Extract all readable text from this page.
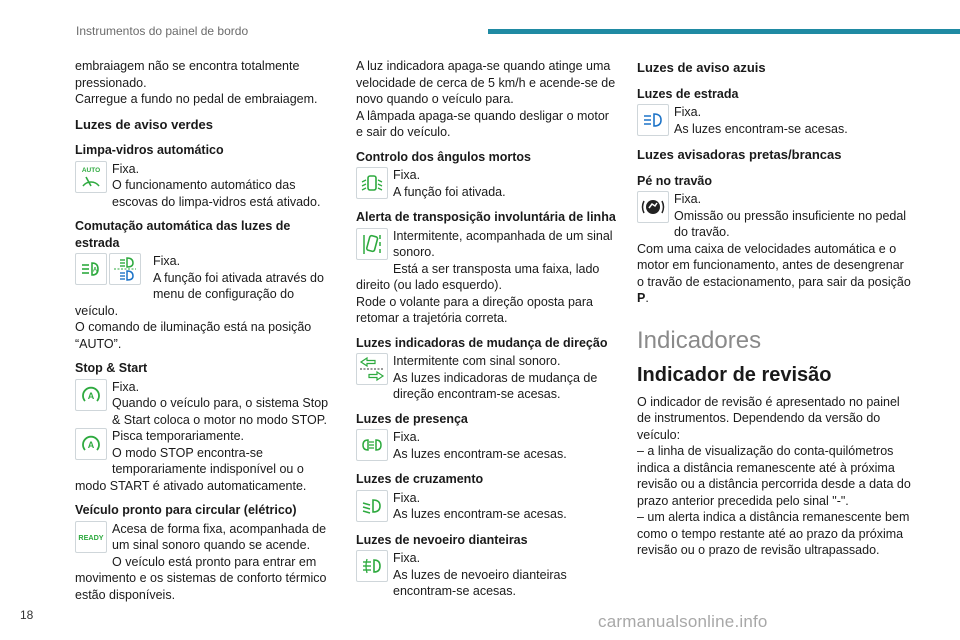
Instrumentos do painel de bordo

embraiagem não se encontra totalmente pressionado.

Carregue a fundo no pedal de embraiagem.

Luzes de aviso verdes
Limpa-vidros automático
AUTO Fixa.

O funcionamento automático das escovas do limpa-vidros está ativado.

Comutação automática das luzes de estrada
A

Fixa.

A função foi ativada através do menu de configuração do veículo.

O comando de iluminação está na posição “AUTO”.

Stop & Start
A

Fixa.

Quando o veículo para, o sistema Stop & Start coloca o motor no modo STOP.

A

Pisca temporariamente.

O modo STOP encontra-se temporariamente indisponível ou o modo START é ativado automaticamente.

Veículo pronto para circular (elétrico)
READY

Acesa de forma fixa, acompanhada de um sinal sonoro quando se acende.

O veículo está pronto para entrar em movimento e os sistemas de conforto térmico estão disponíveis.

A luz indicadora apaga-se quando atinge uma velocidade de cerca de 5 km/h e acende-se de novo quando o veículo para.

A lâmpada apaga-se quando desligar o motor e sair do veículo.

Controlo dos ângulos mortos

Fixa.

A função foi ativada.

Alerta de transposição involuntária de linha

Intermitente, acompanhada de um sinal sonoro.

Está a ser transposta uma faixa, lado direito (ou lado esquerdo).

Rode o volante para a direção oposta para retomar a trajetória correta.

Luzes indicadoras de mudança de direção

Intermitente com sinal sonoro.

As luzes indicadoras de mudança de direção encontram-se acesas.

Luzes de presença

Fixa.

As luzes encontram-se acesas.

Luzes de cruzamento

Fixa.

As luzes encontram-se acesas.

Luzes de nevoeiro dianteiras

Fixa.

As luzes de nevoeiro dianteiras encontram-se acesas.

Luzes de aviso azuis
Luzes de estrada

Fixa.

As luzes encontram-se acesas.

Luzes avisadoras pretas/brancas
Pé no travão

Fixa.

Omissão ou pressão insuficiente no pedal do travão.

Com uma caixa de velocidades automática e o motor em funcionamento, antes de desengrenar o travão de estacionamento, para sair da posição P.

Indicadores
Indicador de revisão

O indicador de revisão é apresentado no painel de instrumentos. Dependendo da versão do veículo:

– a linha de visualização do conta-quilómetros indica a distância remanescente até à próxima revisão ou a distância percorrida desde a data do prazo anterior precedida pelo sinal "-".

– um alerta indica a distância remanescente bem como o tempo restante até ao prazo da próxima revisão ou o prazo de revisão ultrapassado.

18	carmanualsonline.info
